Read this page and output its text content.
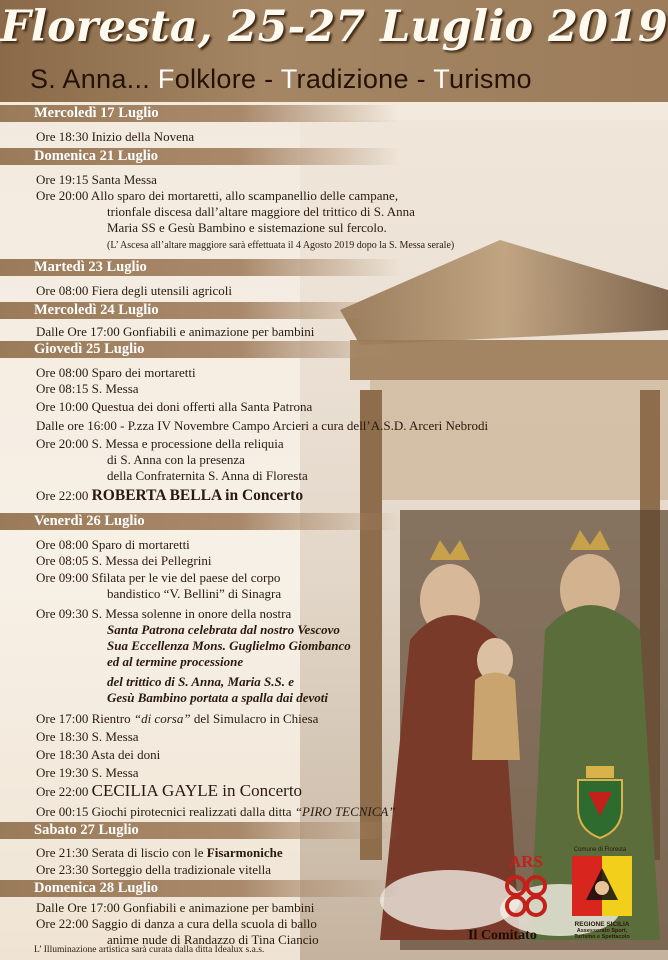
Floresta, 25-27 Luglio 2019
S. Anna... Folklore - Tradizione - Turismo
Mercoledì 17 Luglio
Ore 18:30 Inizio della Novena
Domenica 21 Luglio
Ore 19:15 Santa Messa
Ore 20:00 Allo sparo dei mortaretti, allo scampanellio delle campane,
trionfale discesa dall’altare maggiore del trittico di S. Anna
Maria SS e Gesù Bambino e sistemazione sul fercolo.
(L’ Ascesa all’altare maggiore sarà effettuata il 4 Agosto 2019 dopo la S. Messa serale)
Martedì 23 Luglio
Ore 08:00 Fiera degli utensili agricoli
Mercoledì 24 Luglio
Dalle Ore 17:00 Gonfiabili e animazione per bambini
Giovedì 25 Luglio
Ore 08:00 Sparo dei mortaretti
Ore 08:15 S. Messa
Ore 10:00 Questua dei doni offerti alla Santa Patrona
Dalle ore 16:00 - P.zza IV Novembre Campo Arcieri a cura dell’A.S.D. Arceri Nebrodi
Ore 20:00 S. Messa e processione della reliquia
di S. Anna con la presenza
della Confraternita S. Anna di Floresta
Ore 22:00 ROBERTA BELLA in Concerto
Venerdì 26 Luglio
Ore 08:00 Sparo di mortaretti
Ore 08:05 S. Messa dei Pellegrini
Ore 09:00 Sfilata per le vie del paese del corpo
bandistico “V. Bellini” di Sinagra
Ore 09:30 S. Messa solenne in onore della nostra
Santa Patrona celebrata dal nostro Vescovo
Sua Eccellenza Mons. Guglielmo Giombanco
ed al termine processione
del trittico di S. Anna, Maria S.S. e
Gesù Bambino portata a spalla dai devoti
Ore 17:00 Rientro “di corsa” del Simulacro in Chiesa
Ore 18:30 S. Messa
Ore 18:30 Asta dei doni
Ore 19:30 S. Messa
Ore 22:00 CECILIA GAYLE in Concerto
Ore 00:15 Giochi pirotecnici realizzati dalla ditta “PIRO TECNICA”
Sabato 27 Luglio
Ore 21:30 Serata di liscio con le Fisarmoniche
Ore 23:30 Sorteggio della tradizionale vitella
Domenica 28 Luglio
Dalle Ore 17:00 Gonfiabili e animazione per bambini
Ore 22:00 Saggio di danza a cura della scuola di ballo
anime nude di Randazzo di Tina Ciancio
L’ Illuminazione artistica sarà curata dalla ditta Idealux s.a.s.
ARS
Comune di Floresta
REGIONE SICILIA
Assessorato Sport,
Turismo e Spettacolo
Il Comitato
